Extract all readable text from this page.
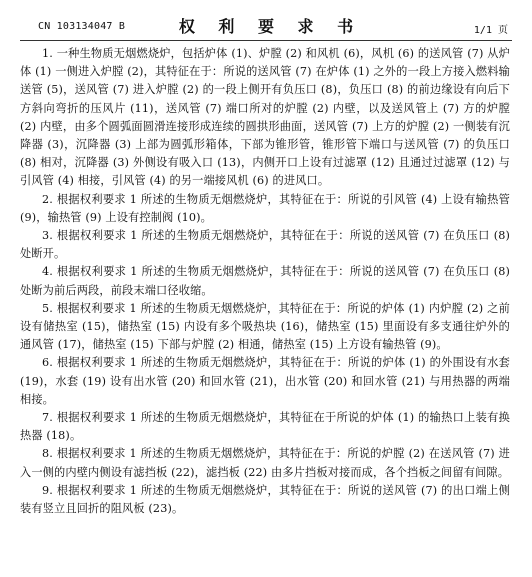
CN 103134047 B	权 利 要 求 书	1/1 页

1. 一种生物质无烟燃烧炉，包括炉体 (1)、炉膛 (2) 和风机 (6)，风机 (6) 的送风管 (7) 从炉体 (1) 一侧进入炉膛 (2)，其特征在于：所说的送风管 (7) 在炉体 (1) 之外的一段上方接入燃料输送管 (5)，送风管 (7) 进入炉膛 (2) 的一段上侧开有负压口 (8)，负压口 (8) 的前边缘设有向后下方斜向弯折的压风片 (11)，送风管 (7) 端口所对的炉膛 (2) 内壁，以及送风管上 (7) 方的炉膛 (2) 内壁，由多个圆弧面圆滑连接形成连续的圆拱形曲面，送风管 (7) 上方的炉膛 (2) 一侧装有沉降器 (3)，沉降器 (3) 上部为圆弧形箱体，下部为锥形管，锥形管下端口与送风管 (7) 的负压口 (8) 相对，沉降器 (3) 外侧设有吸入口 (13)，内侧开口上设有过滤罩 (12) 且通过过滤罩 (12) 与引风管 (4) 相接，引风管 (4) 的另一端接风机 (6) 的进风口。

2. 根据权利要求 1 所述的生物质无烟燃烧炉，其特征在于：所说的引风管 (4) 上设有输热管 (9)，输热管 (9) 上设有控制阀 (10)。

3. 根据权利要求 1 所述的生物质无烟燃烧炉，其特征在于：所说的送风管 (7) 在负压口 (8) 处断开。

4. 根据权利要求 1 所述的生物质无烟燃烧炉，其特征在于：所说的送风管 (7) 在负压口 (8) 处断为前后两段，前段末端口径收缩。

5. 根据权利要求 1 所述的生物质无烟燃烧炉，其特征在于：所说的炉体 (1) 内炉膛 (2) 之前设有储热室 (15)，储热室 (15) 内设有多个吸热块 (16)，储热室 (15) 里面设有多支通往炉外的通风管 (17)，储热室 (15) 下部与炉膛 (2) 相通，储热室 (15) 上方设有输热管 (9)。

6. 根据权利要求 1 所述的生物质无烟燃烧炉，其特征在于：所说的炉体 (1) 的外围设有水套 (19)，水套 (19) 设有出水管 (20) 和回水管 (21)，出水管 (20) 和回水管 (21) 与用热器的两端相接。

7. 根据权利要求 1 所述的生物质无烟燃烧炉，其特征在于所说的炉体 (1) 的输热口上装有换热器 (18)。

8. 根据权利要求 1 所述的生物质无烟燃烧炉，其特征在于：所说的炉膛 (2) 在送风管 (7) 进入一侧的内壁内侧设有滤挡板 (22)，滤挡板 (22) 由多片挡板对接而成，各个挡板之间留有间隙。

9. 根据权利要求 1 所述的生物质无烟燃烧炉，其特征在于：所说的送风管 (7) 的出口端上侧装有竖立且回折的阻风板 (23)。
